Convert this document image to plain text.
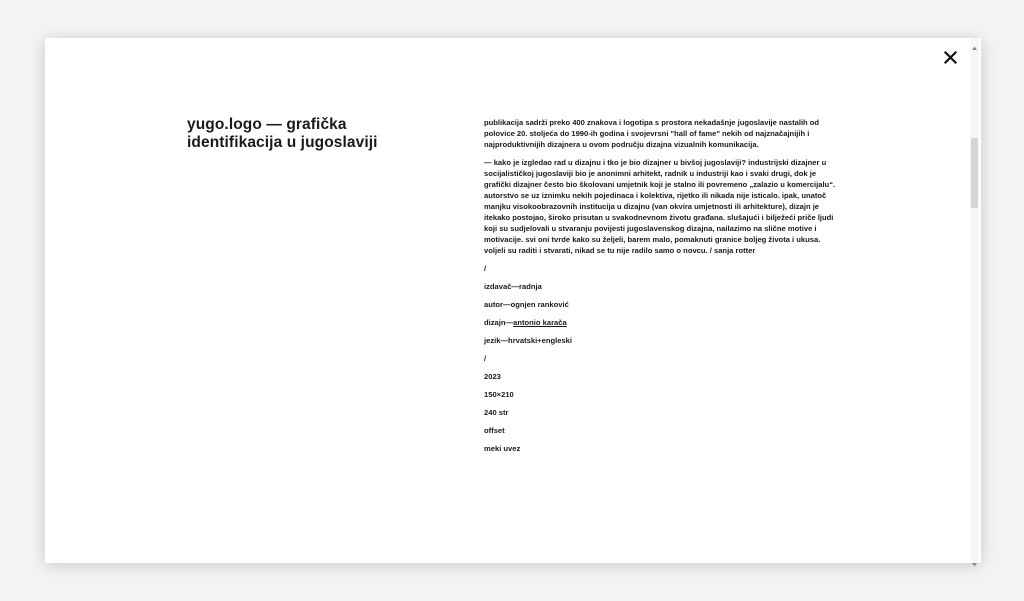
yugo.logo — grafička identifikacija u jugoslaviji

publikacija sadrži preko 400 znakova i logotipa s prostora nekadašnje jugoslavije nastalih od polovice 20. stoljeća do 1990-ih godina i svojevrsni "hall of fame" nekih od najznačajnijih i najproduktivnijih dizajnera u ovom području dizajna vizualnih komunikacija.

— kako je izgledao rad u dizajnu i tko je bio dizajner u bivšoj jugoslaviji? industrijski dizajner u socijalističkoj jugoslaviji bio je anonimni arhitekt, radnik u industriji kao i svaki drugi, dok je grafički dizajner često bio školovani umjetnik koji je stalno ili povremeno „zalazio u komercijalu“. autorstvo se uz iznimku nekih pojedinaca i kolektiva, rijetko ili nikada nije isticalo. ipak, unatoč manjku visokoobrazovnih institucija u dizajnu (van okvira umjetnosti ili arhitekture), dizajn je itekako postojao, široko prisutan u svakodnevnom životu građana. slušajući i bilježeći priče ljudi koji su sudjelovali u stvaranju povijesti jugoslavenskog dizajna, nailazimo na slične motive i motivacije. svi oni tvrde kako su željeli, barem malo, pomaknuti granice boljeg života i ukusa. voljeli su raditi i stvarati, nikad se tu nije radilo samo o novcu. / sanja rotter

/
izdavač—radnja
autor—ognjen ranković
dizajn—antonio karača
jezik—hrvatski+engleski
/
2023
150×210
240 str
offset
meki uvez
